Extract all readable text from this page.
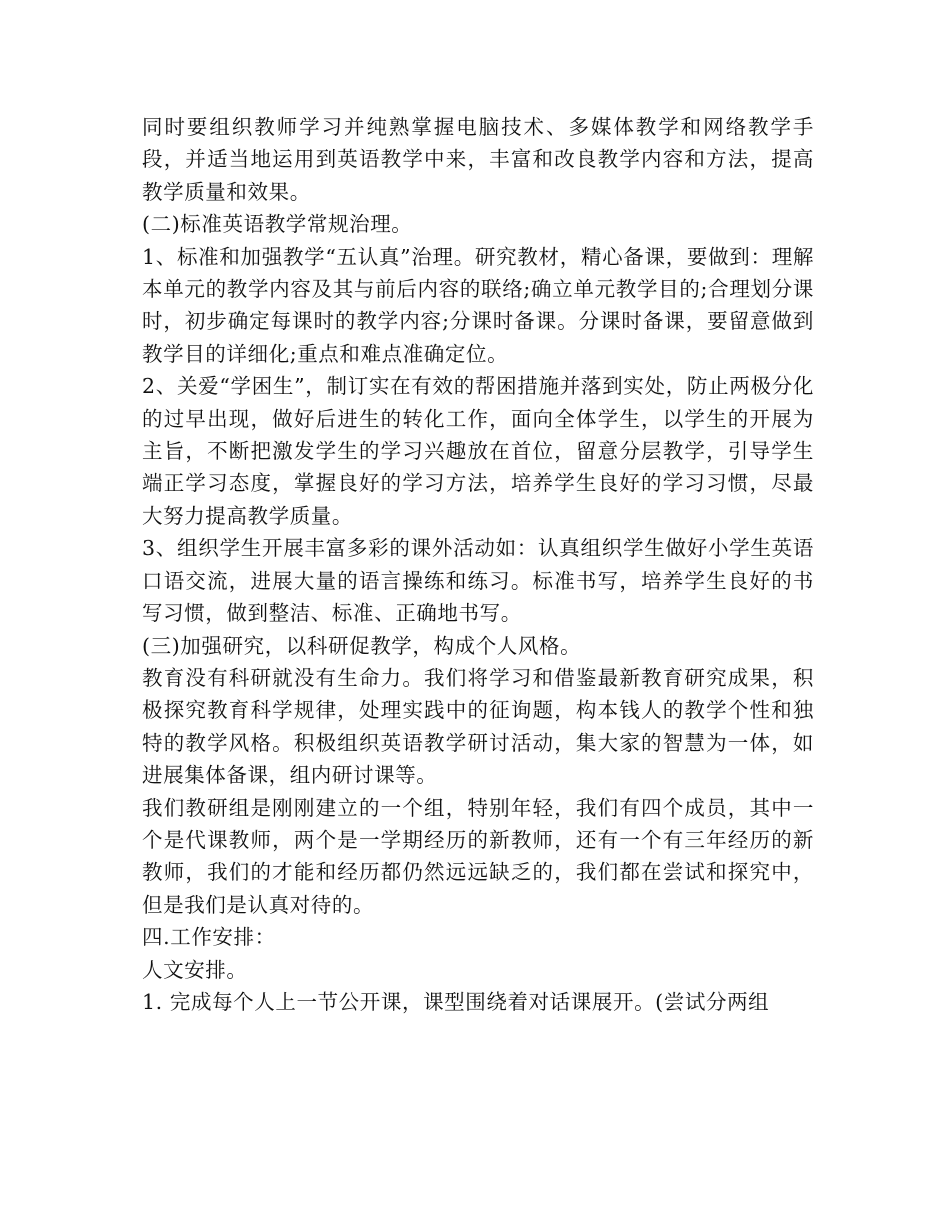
同时要组织教师学习并纯熟掌握电脑技术、多媒体教学和网络教学手段，并适当地运用到英语教学中来，丰富和改良教学内容和方法，提高教学质量和效果。

(二)标准英语教学常规治理。

1、标准和加强教学“五认真”治理。研究教材，精心备课，要做到：理解本单元的教学内容及其与前后内容的联络;确立单元教学目的;合理划分课时，初步确定每课时的教学内容;分课时备课。分课时备课，要留意做到教学目的详细化;重点和难点准确定位。

2、关爱“学困生”，制订实在有效的帮困措施并落到实处，防止两极分化的过早出现，做好后进生的转化工作，面向全体学生，以学生的开展为主旨，不断把激发学生的学习兴趣放在首位，留意分层教学，引导学生端正学习态度，掌握良好的学习方法，培养学生良好的学习习惯，尽最大努力提高教学质量。

3、组织学生开展丰富多彩的课外活动如：认真组织学生做好小学生英语口语交流，进展大量的语言操练和练习。标准书写，培养学生良好的书写习惯，做到整洁、标准、正确地书写。

(三)加强研究，以科研促教学，构成个人风格。

教育没有科研就没有生命力。我们将学习和借鉴最新教育研究成果，积极探究教育科学规律，处理实践中的征询题，构本钱人的教学个性和独特的教学风格。积极组织英语教学研讨活动，集大家的智慧为一体，如进展集体备课，组内研讨课等。

我们教研组是刚刚建立的一个组，特别年轻，我们有四个成员，其中一个是代课教师，两个是一学期经历的新教师，还有一个有三年经历的新教师，我们的才能和经历都仍然远远缺乏的，我们都在尝试和探究中，但是我们是认真对待的。

四.工作安排：

人文安排。

1. 完成每个人上一节公开课，课型围绕着对话课展开。(尝试分两组
